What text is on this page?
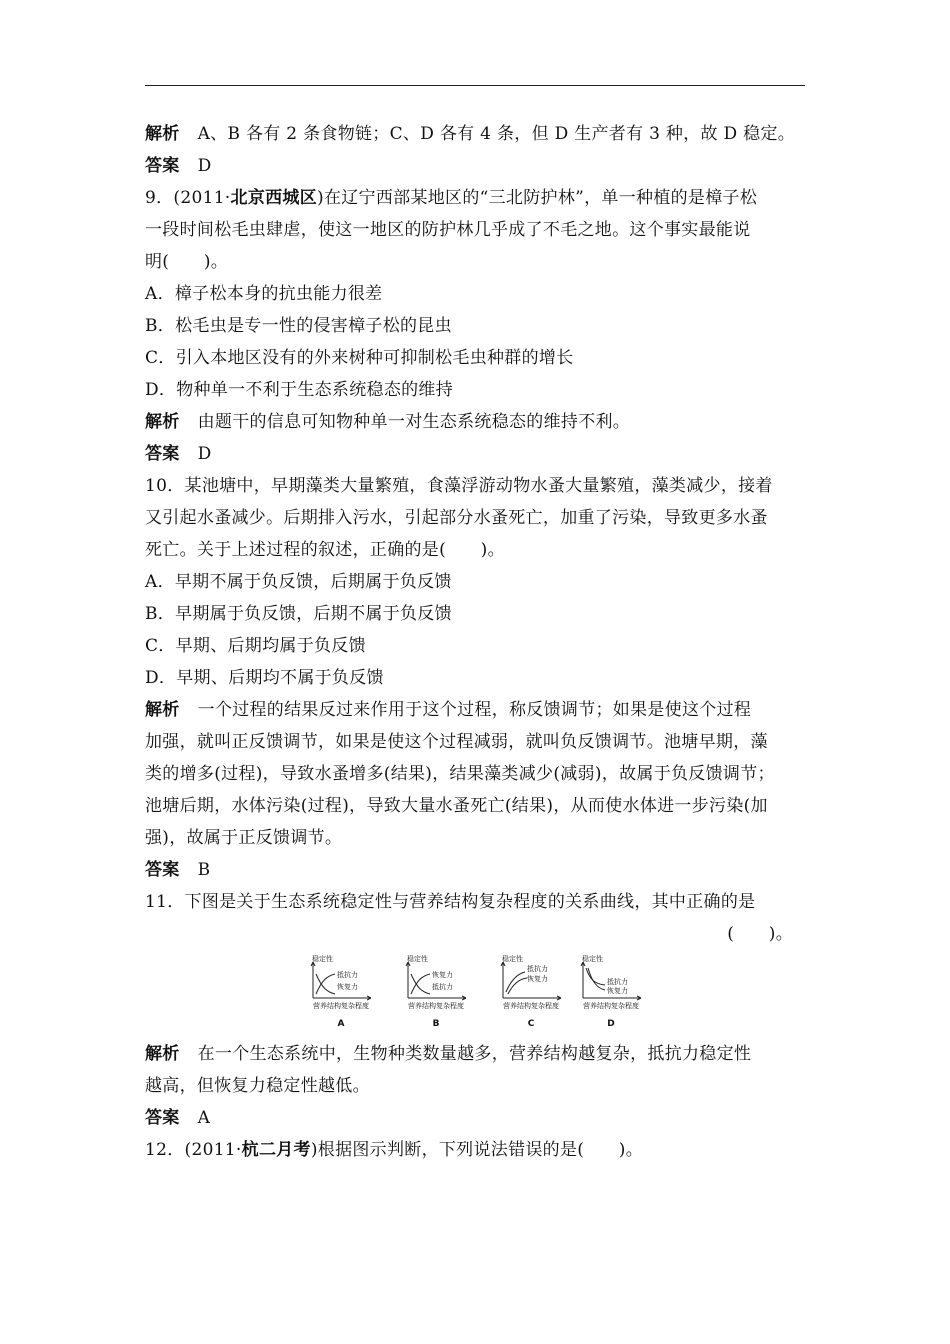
解析 A、B 各有 2 条食物链；C、D 各有 4 条，但 D 生产者有 3 种，故 D 稳定。
答案 D
9．(2011·北京西城区)在辽宁西部某地区的“三北防护林”，单一种植的是樟子松
一段时间松毛虫肆虐，使这一地区的防护林几乎成了不毛之地。这个事实最能说
明(　　)。
A．樟子松本身的抗虫能力很差
B．松毛虫是专一性的侵害樟子松的昆虫
C．引入本地区没有的外来树种可抑制松毛虫种群的增长
D．物种单一不利于生态系统稳态的维持
解析 由题干的信息可知物种单一对生态系统稳态的维持不利。
答案 D
10．某池塘中，早期藻类大量繁殖，食藻浮游动物水蚤大量繁殖，藻类减少，接着
又引起水蚤减少。后期排入污水，引起部分水蚤死亡，加重了污染，导致更多水蚤
死亡。关于上述过程的叙述，正确的是(　　)。
A．早期不属于负反馈，后期属于负反馈
B．早期属于负反馈，后期不属于负反馈
C．早期、后期均属于负反馈
D．早期、后期均不属于负反馈
解析 一个过程的结果反过来作用于这个过程，称反馈调节；如果是使这个过程
加强，就叫正反馈调节，如果是使这个过程减弱，就叫负反馈调节。池塘早期，藻
类的增多(过程)，导致水蚤增多(结果)，结果藻类减少(减弱)，故属于负反馈调节；
池塘后期，水体污染(过程)，导致大量水蚤死亡(结果)，从而使水体进一步污染(加
强)，故属于正反馈调节。
答案 B
11．下图是关于生态系统稳定性与营养结构复杂程度的关系曲线，其中正确的是
(　　)。
稳定性
抵抗力
恢复力
营养结构复杂程度
A
稳定性
恢复力
抵抗力
营养结构复杂程度
B
稳定性
抵抗力
恢复力
营养结构复杂程度
C
稳定性
抵抗力
恢复力
营养结构复杂程度
D
解析 在一个生态系统中，生物种类数量越多，营养结构越复杂，抵抗力稳定性
越高，但恢复力稳定性越低。
答案 A
12．(2011·杭二月考)根据图示判断，下列说法错误的是(　　)。
